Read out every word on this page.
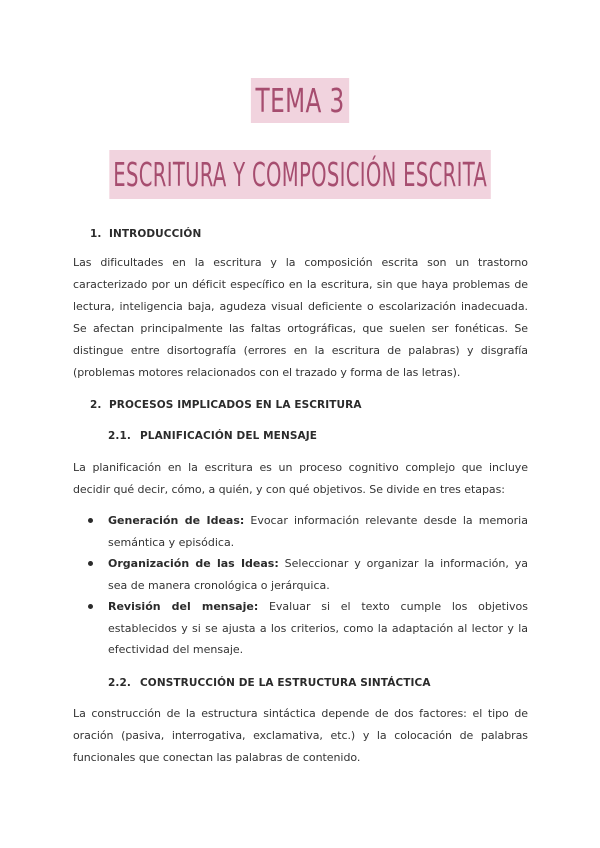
TEMA 3
ESCRITURA Y COMPOSICIÓN ESCRITA
1. INTRODUCCIÓN

Las dificultades en la escritura y la composición escrita son un trastorno caracterizado por un déficit específico en la escritura, sin que haya problemas de lectura, inteligencia baja, agudeza visual deficiente o escolarización inadecuada. Se afectan principalmente las faltas ortográficas, que suelen ser fonéticas. Se distingue entre disortografía (errores en la escritura de palabras) y disgrafía (problemas motores relacionados con el trazado y forma de las letras).

2. PROCESOS IMPLICADOS EN LA ESCRITURA
2.1. PLANIFICACIÓN DEL MENSAJE

La planificación en la escritura es un proceso cognitivo complejo que incluye decidir qué decir, cómo, a quién, y con qué objetivos. Se divide en tres etapas:

Generación de Ideas: Evocar información relevante desde la memoria semántica y episódica.
Organización de las Ideas: Seleccionar y organizar la información, ya sea de manera cronológica o jerárquica.
Revisión del mensaje: Evaluar si el texto cumple los objetivos establecidos y si se ajusta a los criterios, como la adaptación al lector y la efectividad del mensaje.
2.2. CONSTRUCCIÓN DE LA ESTRUCTURA SINTÁCTICA

La construcción de la estructura sintáctica depende de dos factores: el tipo de oración (pasiva, interrogativa, exclamativa, etc.) y la colocación de palabras funcionales que conectan las palabras de contenido.
